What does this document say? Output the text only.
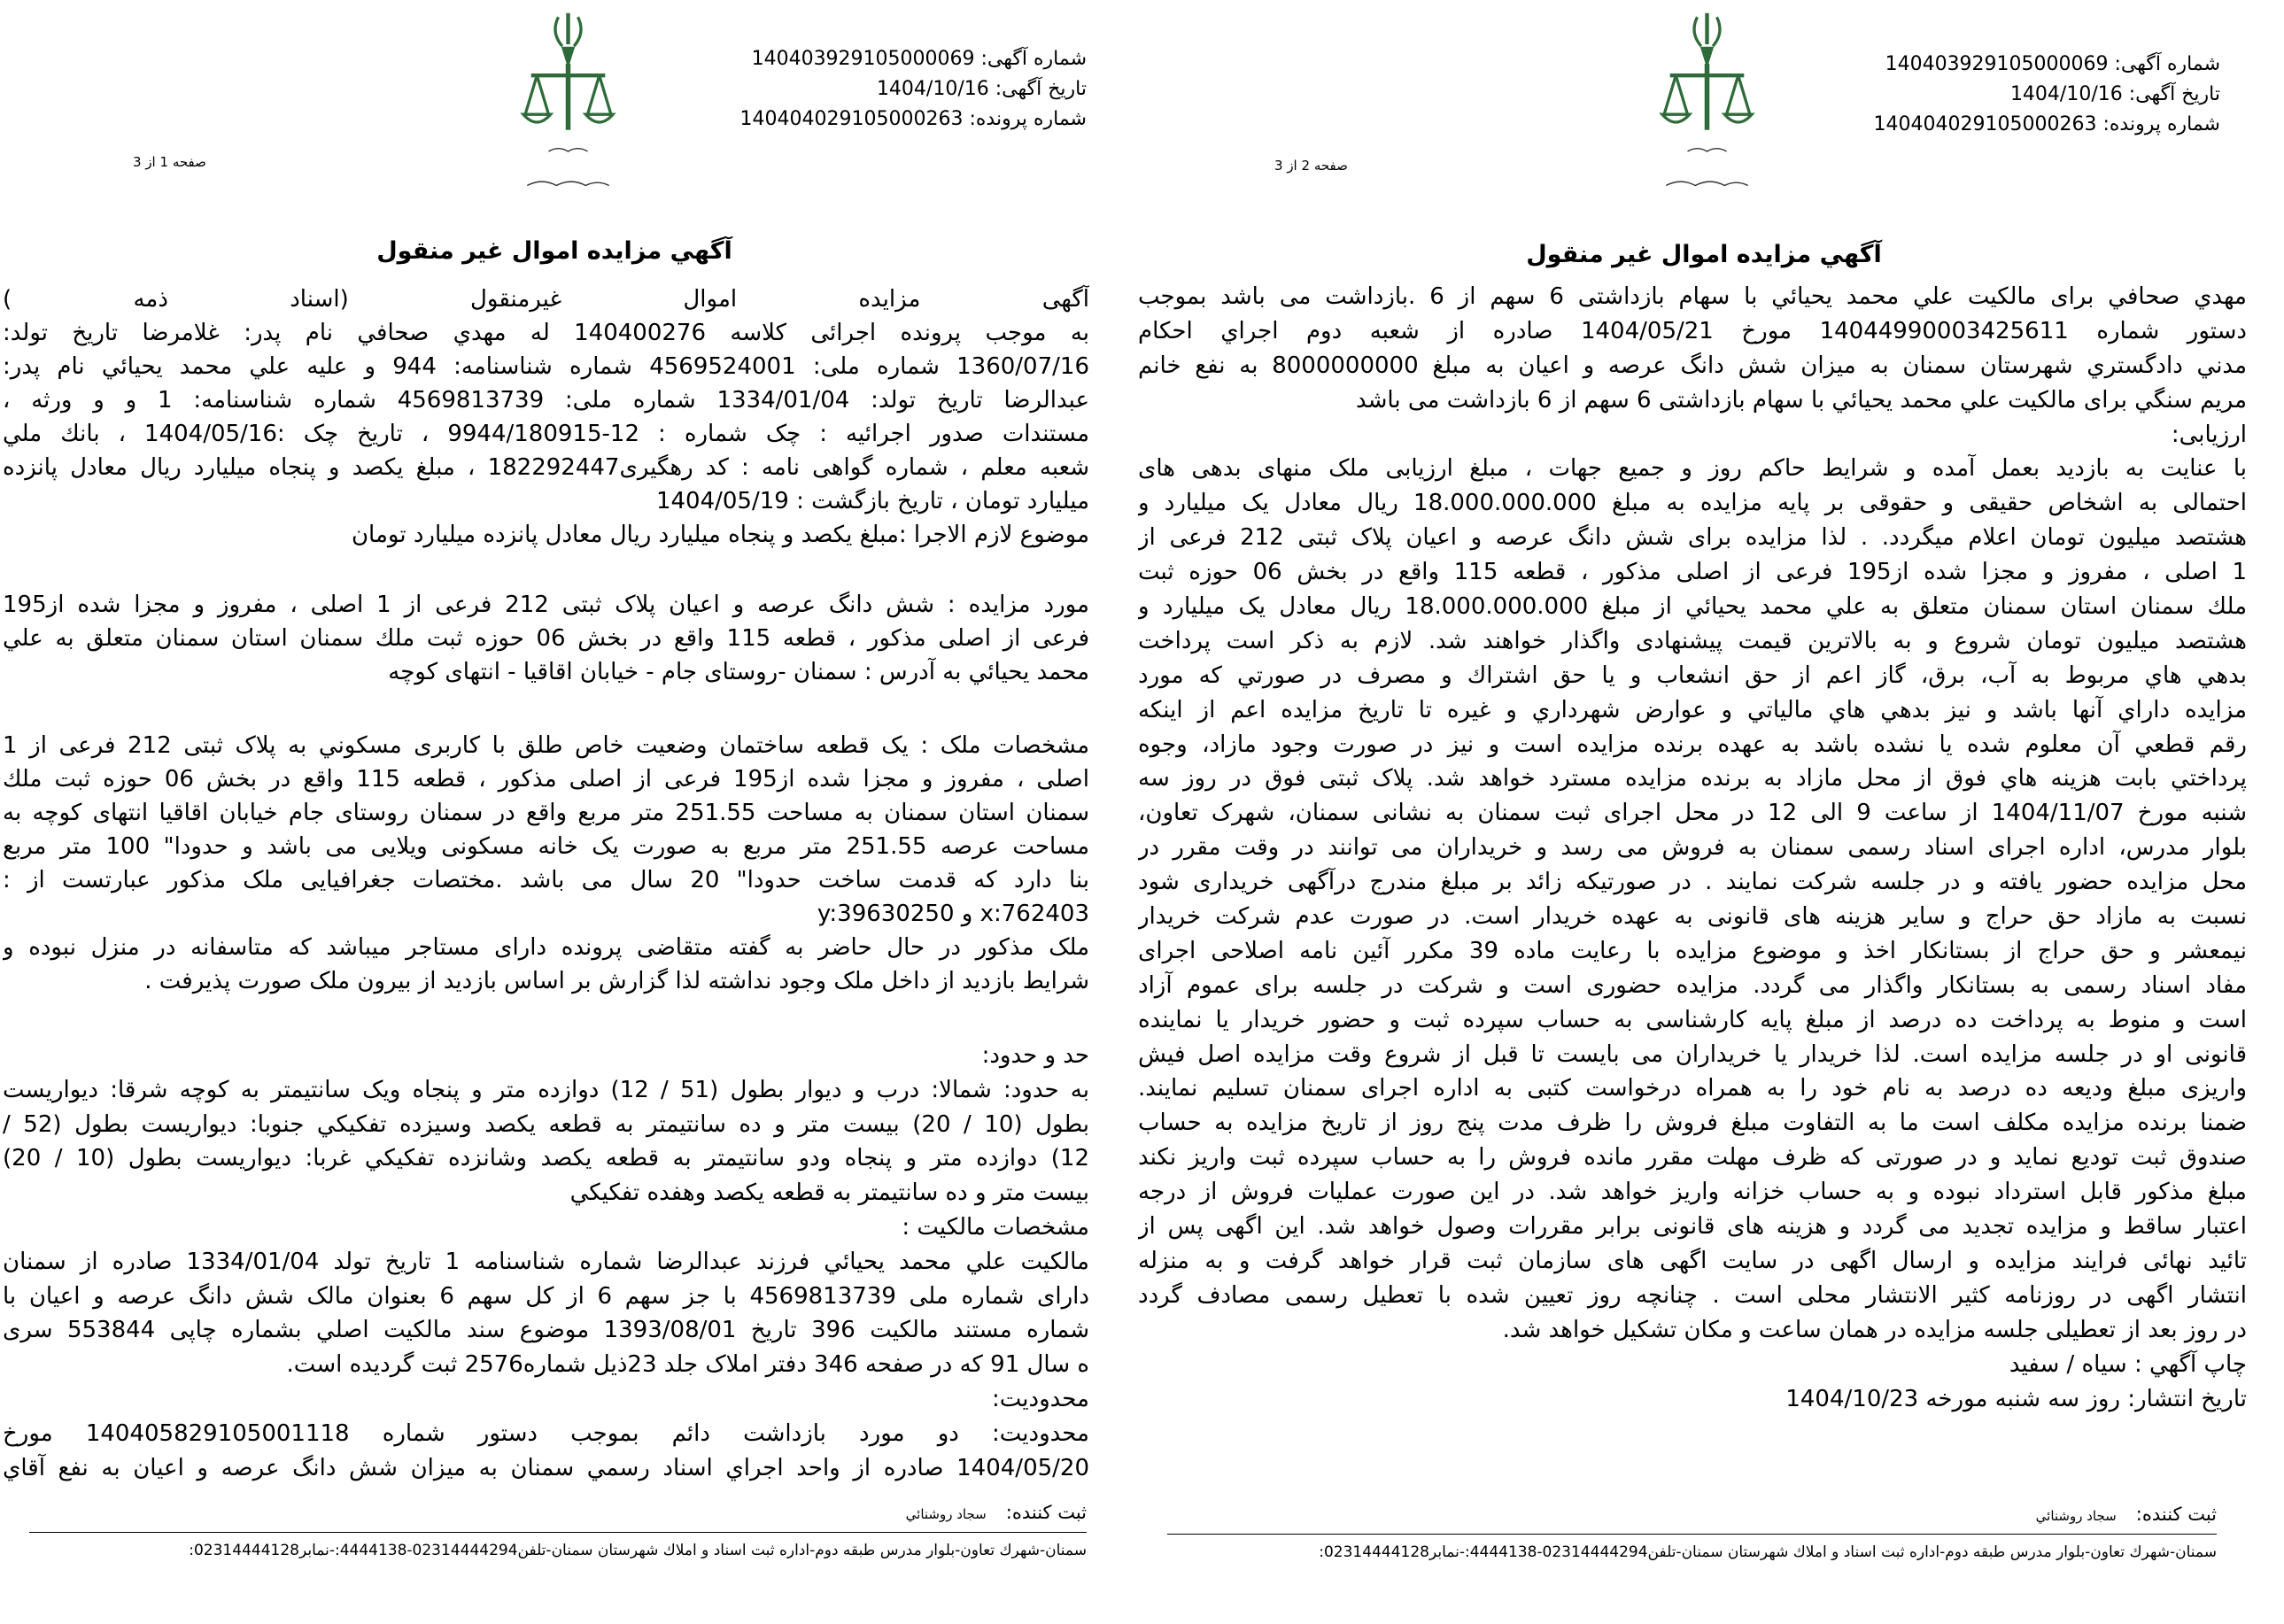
شماره آگهی: 140403929105000069
تاریخ آگهی: 1404/10/16
شماره پرونده: 140404029105000263
صفحه 1 از 3
آگهي مزايده اموال غير منقول
آگهی مزایده اموال غیرمنقول (اسناد ذمه )
به موجب پرونده اجرائی کلاسه 140400276 له مهدي صحافي نام پدر: غلامرضا تاريخ تولد:
1360/07/16 شماره ملی: 4569524001 شماره شناسنامه: 944 و علیه علي محمد يحيائي نام پدر:
عبدالرضا تاريخ تولد: 1334/01/04 شماره ملی: 4569813739 شماره شناسنامه: 1 و و ورثه ،
مستندات صدور اجرائیه : چک شماره : 12-9944/180915 ، تاریخ چک :1404/05/16 ، بانك ملي
شعبه معلم ، شماره گواهی نامه : کد رهگیری182292447 ، مبلغ یکصد و پنجاه میلیارد ریال معادل پانزده
میلیارد تومان ، تاریخ بازگشت : 1404/05/19
موضوع لازم الاجرا :مبلغ یکصد و پنجاه میلیارد ریال معادل پانزده میلیارد تومان
مورد مزایده : شش دانگ عرصه و اعیان پلاک ثبتی 212 فرعی از 1 اصلی ، مفروز و مجزا شده از195
فرعی از اصلی مذکور ، قطعه 115 واقع در بخش 06 حوزه ثبت ملك سمنان استان سمنان متعلق به علي
محمد يحيائي به آدرس : سمنان -روستای جام - خیابان اقاقیا - انتهای کوچه
مشخصات ملک : یک قطعه ساختمان وضعیت خاص طلق با کاربری مسکوني به پلاک ثبتی 212 فرعی از 1
اصلی ، مفروز و مجزا شده از195 فرعی از اصلی مذکور ، قطعه 115 واقع در بخش 06 حوزه ثبت ملك
سمنان استان سمنان به مساحت 251.55 متر مربع واقع در سمنان روستای جام خیابان اقاقیا انتهای کوچه به
مساحت عرصه 251.55 متر مربع به صورت یک خانه مسکونی ویلایی می باشد و حدودا" 100 متر مربع
بنا دارد که قدمت ساخت حدودا" 20 سال می باشد .مختصات جغرافیایی ملک مذکور عبارتست از :
x:762403 و y:39630250
ملک مذکور در حال حاضر به گفته متقاضی پرونده دارای مستاجر میباشد که متاسفانه در منزل نبوده و
شرایط بازدید از داخل ملک وجود نداشته لذا گزارش بر اساس بازدید از بیرون ملک صورت پذیرفت .
حد و حدود:
به حدود: شمالا: درب و دیوار بطول (51 / 12) دوازده متر و پنجاه ویک سانتیمتر به کوچه شرقا: دیواریست
بطول (10 / 20) بیست متر و ده سانتیمتر به قطعه یکصد وسیزده تفکیکي جنوبا: دیواریست بطول (52 /
12) دوازده متر و پنجاه ودو سانتیمتر به قطعه یکصد وشانزده تفکیکي غربا: دیواریست بطول (10 / 20)
بیست متر و ده سانتیمتر به قطعه یکصد وهفده تفکیکي
مشخصات مالکیت :
مالکیت علي محمد يحيائي فرزند عبدالرضا شماره شناسنامه 1 تاریخ تولد 1334/01/04 صادره از سمنان
دارای شماره ملی 4569813739 با جز سهم 6 از کل سهم 6 بعنوان مالک شش دانگ عرصه و اعیان با
شماره مستند مالکیت 396 تاریخ 1393/08/01 موضوع سند مالکیت اصلي بشماره چاپی 553844 سری
ه سال 91 که در صفحه 346 دفتر املاک جلد 23ذیل شماره2576 ثبت گردیده است.
محدودیت:
محدودیت: دو مورد بازداشت دائم بموجب دستور شماره 140405829105001118 مورخ
1404/05/20 صادره از واحد اجراي اسناد رسمي سمنان به میزان شش دانگ عرصه و اعیان به نفع آقاي
ثبت کننده:سجاد روشنائي
سمنان-شهرك تعاون-بلوار مدرس طبقه دوم-اداره ثبت اسناد و املاك شهرستان سمنان-تلفن02314444294-4444138:-نمابر02314444128:
شماره آگهی: 140403929105000069
تاریخ آگهی: 1404/10/16
شماره پرونده: 140404029105000263
صفحه 2 از 3
آگهي مزايده اموال غير منقول
مهدي صحافي برای مالکیت علي محمد يحيائي با سهام بازداشتی 6 سهم از 6 .بازداشت می باشد بموجب
دستور شماره 14044990003425611 مورخ 1404/05/21 صادره از شعبه دوم اجراي احكام
مدني دادگستري شهرستان سمنان به میزان شش دانگ عرصه و اعیان به مبلغ 8000000000 به نفع خانم
مريم سنگي برای مالکیت علي محمد يحيائي با سهام بازداشتی 6 سهم از 6 بازداشت می باشد
ارزیابی:
با عنایت به بازدید بعمل آمده و شرایط حاکم روز و جمیع جهات ، مبلغ ارزیابی ملک منهای بدهی های
احتمالی به اشخاص حقیقی و حقوقی بر پایه مزایده به مبلغ 18.000.000.000 ریال معادل یک میلیارد و
هشتصد میلیون تومان اعلام میگردد. . لذا مزایده برای شش دانگ عرصه و اعیان پلاک ثبتی 212 فرعی از
1 اصلی ، مفروز و مجزا شده از195 فرعی از اصلی مذکور ، قطعه 115 واقع در بخش 06 حوزه ثبت
ملك سمنان استان سمنان متعلق به علي محمد يحيائي از مبلغ 18.000.000.000 ریال معادل یک میلیارد و
هشتصد میلیون تومان شروع و به بالاترین قیمت پیشنهادی واگذار خواهند شد. لازم به ذکر است پرداخت
بدهي هاي مربوط به آب، برق، گاز اعم از حق انشعاب و يا حق اشتراك و مصرف در صورتي كه مورد
مزايده داراي آنها باشد و نيز بدهي هاي مالياتي و عوارض شهرداري و غيره تا تاريخ مزايده اعم از اينكه
رقم قطعي آن معلوم شده يا نشده باشد به عهده برنده مزايده است و نيز در صورت وجود مازاد، وجوه
پرداختي بابت هزينه هاي فوق از محل مازاد به برنده مزايده مسترد خواهد شد. پلاک ثبتی فوق در روز سه
شنبه مورخ 1404/11/07 از ساعت 9 الی 12 در محل اجرای ثبت سمنان به نشانی سمنان، شهرک تعاون،
بلوار مدرس، اداره اجرای اسناد رسمی سمنان به فروش می رسد و خریداران می توانند در وقت مقرر در
محل مزایده حضور یافته و در جلسه شرکت نمایند . در صورتیکه زائد بر مبلغ مندرج درآگهی خریداری شود
نسبت به مازاد حق حراج و سایر هزینه های قانونی به عهده خریدار است. در صورت عدم شرکت خریدار
نیمعشر و حق حراج از بستانکار اخذ و موضوع مزایده با رعایت ماده 39 مکرر آئین نامه اصلاحی اجرای
مفاد اسناد رسمی به بستانکار واگذار می گردد. مزایده حضوری است و شرکت در جلسه برای عموم آزاد
است و منوط به پرداخت ده درصد از مبلغ پایه کارشناسی به حساب سپرده ثبت و حضور خریدار یا نماینده
قانونی او در جلسه مزایده است. لذا خریدار یا خریداران می بایست تا قبل از شروع وقت مزایده اصل فیش
واریزی مبلغ ودیعه ده درصد به نام خود را به همراه درخواست کتبی به اداره اجرای سمنان تسلیم نمایند.
ضمنا برنده مزایده مکلف است ما به التفاوت مبلغ فروش را ظرف مدت پنج روز از تاریخ مزایده به حساب
صندوق ثبت تودیع نماید و در صورتی که ظرف مهلت مقرر مانده فروش را به حساب سپرده ثبت واریز نکند
مبلغ مذکور قابل استرداد نبوده و به حساب خزانه واریز خواهد شد. در این صورت عملیات فروش از درجه
اعتبار ساقط و مزایده تجدید می گردد و هزینه های قانونی برابر مقررات وصول خواهد شد. این اگهی پس از
تائید نهائی فرایند مزایده و ارسال اگهی در سایت اگهی های سازمان ثبت قرار خواهد گرفت و به منزله
انتشار اگهی در روزنامه کثیر الانتشار محلی است . چنانچه روز تعیین شده با تعطیل رسمی مصادف گردد
در روز بعد از تعطیلی جلسه مزایده در همان ساعت و مکان تشکیل خواهد شد.
چاپ آگهي : سیاه / سفید
تاریخ انتشار: روز سه شنبه مورخه 1404/10/23
ثبت کننده:سجاد روشنائي
سمنان-شهرك تعاون-بلوار مدرس طبقه دوم-اداره ثبت اسناد و املاك شهرستان سمنان-تلفن02314444294-4444138:-نمابر02314444128:
